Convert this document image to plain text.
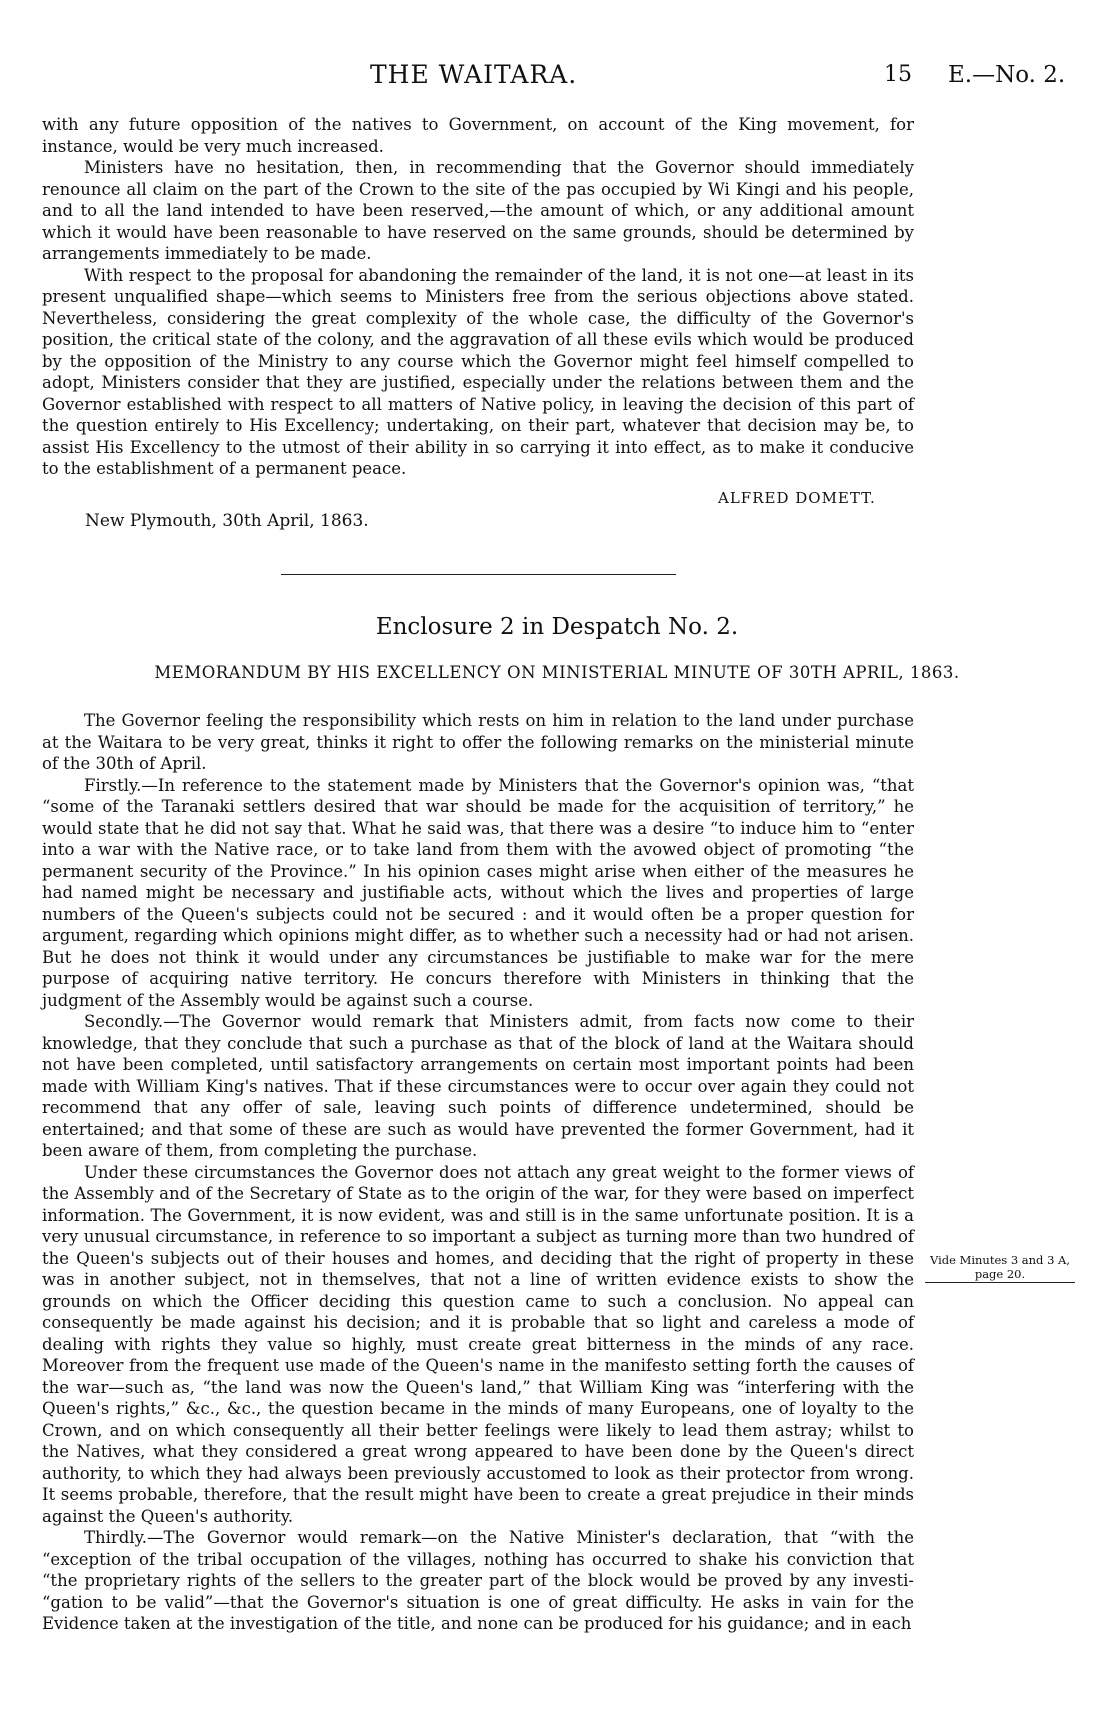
THE WAITARA.	15 E.—No. 2.

with any future opposition of the natives to Government, on account of the King movement, for instance, would be very much increased.

Ministers have no hesitation, then, in recommending that the Governor should immediately renounce all claim on the part of the Crown to the site of the pas occupied by Wi Kingi and his people, and to all the land intended to have been reserved,—the amount of which, or any additional amount which it would have been reasonable to have reserved on the same grounds, should be determined by arrangements immediately to be made.

With respect to the proposal for abandoning the remainder of the land, it is not one—at least in its present unqualified shape—which seems to Ministers free from the serious objections above stated. Nevertheless, considering the great complexity of the whole case, the difficulty of the Governor's position, the critical state of the colony, and the aggravation of all these evils which would be produced by the opposition of the Ministry to any course which the Governor might feel himself compelled to adopt, Ministers consider that they are justified, especially under the relations between them and the Governor established with respect to all matters of Native policy, in leaving the decision of this part of the question entirely to His Excellency; undertaking, on their part, whatever that decision may be, to assist His Excellency to the utmost of their ability in so carrying it into effect, as to make it conducive to the establishment of a permanent peace.

ALFRED DOMETT.
New Plymouth, 30th April, 1863.
Enclosure 2 in Despatch No. 2.
MEMORANDUM BY HIS EXCELLENCY ON MINISTERIAL MINUTE OF 30TH APRIL, 1863.

The Governor feeling the responsibility which rests on him in relation to the land under purchase at the Waitara to be very great, thinks it right to offer the following remarks on the ministerial minute of the 30th of April.

Firstly.—In reference to the statement made by Ministers that the Governor's opinion was, “that “some of the Taranaki settlers desired that war should be made for the acquisition of territory,” he would state that he did not say that. What he said was, that there was a desire “to induce him to “enter into a war with the Native race, or to take land from them with the avowed object of promoting “the permanent security of the Province.” In his opinion cases might arise when either of the measures he had named might be necessary and justifiable acts, without which the lives and properties of large numbers of the Queen's subjects could not be secured : and it would often be a proper question for argument, regarding which opinions might differ, as to whether such a necessity had or had not arisen. But he does not think it would under any circumstances be justifiable to make war for the mere purpose of acquiring native territory. He concurs therefore with Ministers in thinking that the judgment of the Assembly would be against such a course.

Secondly.—The Governor would remark that Ministers admit, from facts now come to their knowledge, that they conclude that such a purchase as that of the block of land at the Waitara should not have been completed, until satisfactory arrangements on certain most important points had been made with William King's natives. That if these circumstances were to occur over again they could not recommend that any offer of sale, leaving such points of difference undetermined, should be entertained; and that some of these are such as would have prevented the former Government, had it been aware of them, from completing the purchase.

Under these circumstances the Governor does not attach any great weight to the former views of the Assembly and of the Secretary of State as to the origin of the war, for they were based on imperfect information. The Government, it is now evident, was and still is in the same unfortunate position. It is a very unusual circumstance, in reference to so important a subject as turning more than two hundred of the Queen's subjects out of their houses and homes, and deciding that the right of property in these was in another subject, not in themselves, that not a line of written evidence exists to show the grounds on which the Officer deciding this question came to such a conclusion. No appeal can consequently be made against his decision; and it is probable that so light and careless a mode of dealing with rights they value so highly, must create great bitterness in the minds of any race. Moreover from the frequent use made of the Queen's name in the manifesto setting forth the causes of the war—such as, “the land was now the Queen's land,” that William King was “interfering with the Queen's rights,” &c., &c., the question became in the minds of many Europeans, one of loyalty to the Crown, and on which consequently all their better feelings were likely to lead them astray; whilst to the Natives, what they considered a great wrong appeared to have been done by the Queen's direct authority, to which they had always been previously accustomed to look as their protector from wrong. It seems probable, therefore, that the result might have been to create a great prejudice in their minds against the Queen's authority.

Thirdly.—The Governor would remark—on the Native Minister's declaration, that “with the “exception of the tribal occupation of the villages, nothing has occurred to shake his conviction that “the proprietary rights of the sellers to the greater part of the block would be proved by any investi- “gation to be valid”—that the Governor's situation is one of great difficulty. He asks in vain for the Evidence taken at the investigation of the title, and none can be produced for his guidance; and in each

Vide Minutes 3 and 3 A,
page 20.
